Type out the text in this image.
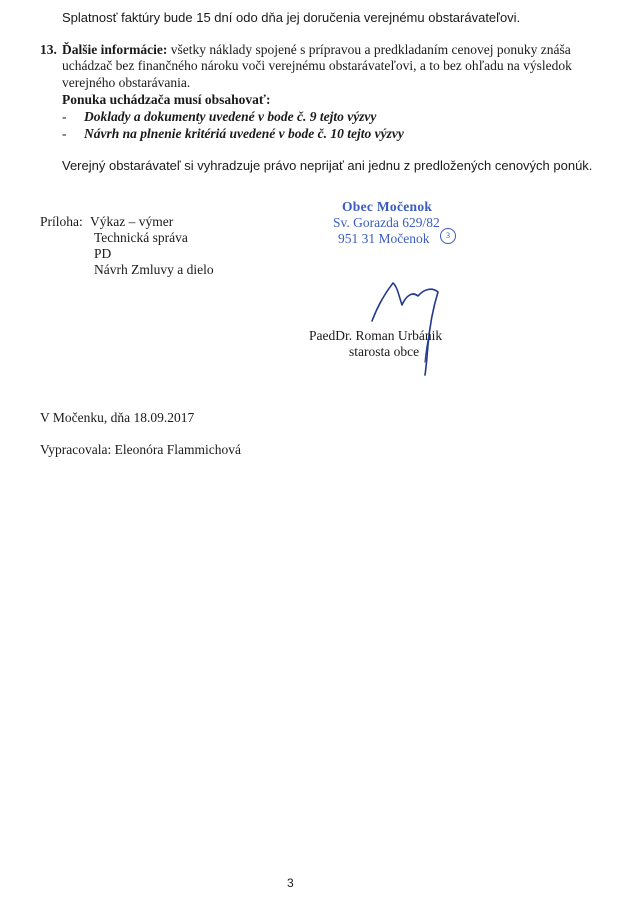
Splatnosť faktúry bude 15 dní odo dňa jej doručenia verejnému obstarávateľovi.
13. Ďalšie informácie: všetky náklady spojené s prípravou a predkladaním cenovej ponuky znáša
uchádzač bez finančného nároku voči verejnému obstarávateľovi, a to bez ohľadu na výsledok
verejného obstarávania.
Ponuka uchádzača musí obsahovať:
- Doklady a dokumenty uvedené v bode č. 9 tejto výzvy
- Návrh na plnenie kritériá uvedené v bode č. 10 tejto výzvy
Verejný obstarávateľ si vyhradzuje právo neprijať ani jednu z predložených cenových ponúk.
Príloha: Výkaz – výmer
Technická správa
PD
Návrh Zmluvy a dielo
Obec Močenok
Sv. Gorazda 629/82
951 31 Močenok	3
PaedDr. Roman Urbánik
starosta obce
V Močenku, dňa 18.09.2017
Vypracovala: Eleonóra Flammichová
3
